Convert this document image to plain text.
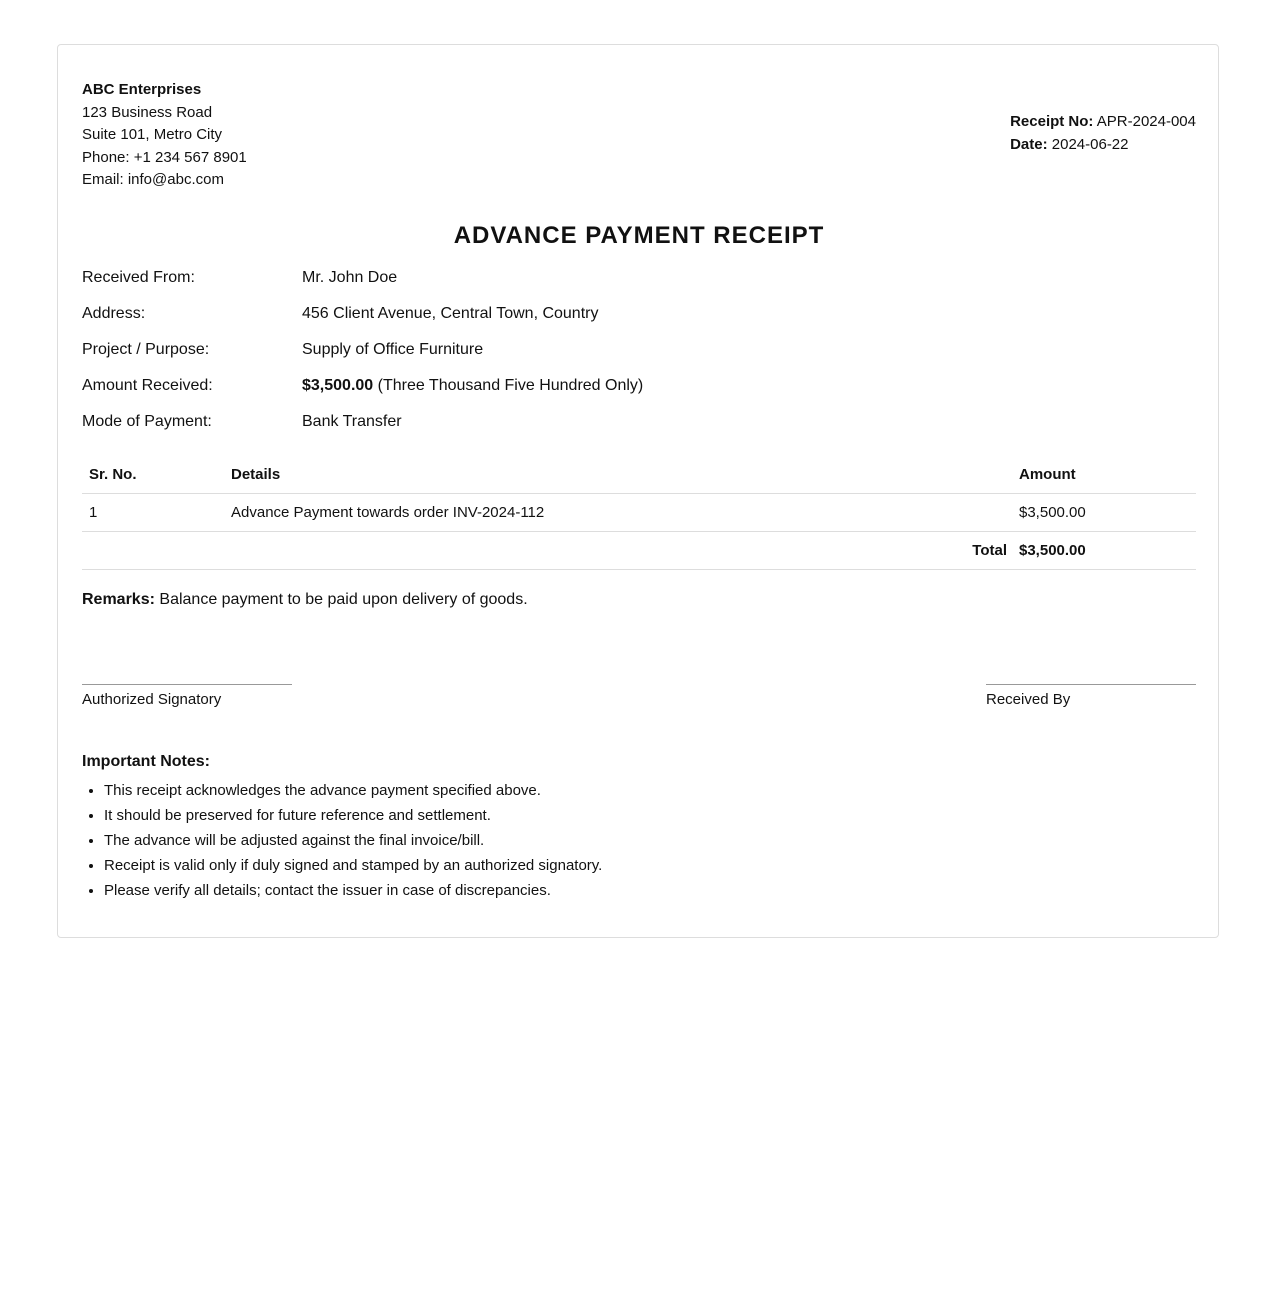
ABC Enterprises
123 Business Road
Suite 101, Metro City
Phone: +1 234 567 8901
Email: info@abc.com
Receipt No: APR-2024-004
Date: 2024-06-22
ADVANCE PAYMENT RECEIPT
Received From:	Mr. John Doe
Address:	456 Client Avenue, Central Town, Country
Project / Purpose:	Supply of Office Furniture
Amount Received:	$3,500.00 (Three Thousand Five Hundred Only)
Mode of Payment:	Bank Transfer
Sr. No.	Details	Amount
1	Advance Payment towards order INV-2024-112	$3,500.00
Total		$3,500.00
Remarks: Balance payment to be paid upon delivery of goods.
Authorized Signatory	Received By
Important Notes:
• This receipt acknowledges the advance payment specified above.
• It should be preserved for future reference and settlement.
• The advance will be adjusted against the final invoice/bill.
• Receipt is valid only if duly signed and stamped by an authorized signatory.
• Please verify all details; contact the issuer in case of discrepancies.
